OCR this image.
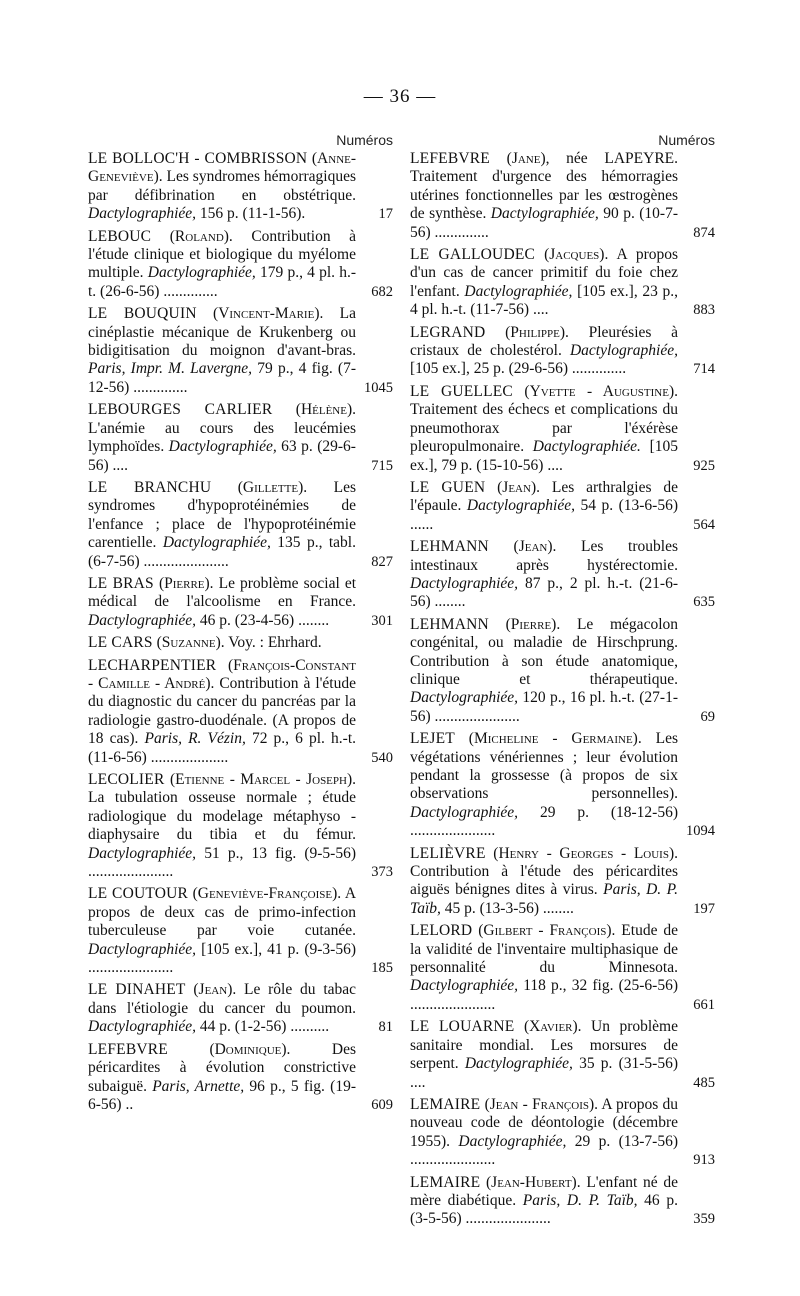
— 36 —
Numéros
LE BOLLOC'H - COMBRISSON (Anne-Geneviève). Les syndromes hémorragiques par défibrination en obstétrique. Dactylographiée, 156 p. (11-1-56).	17
LEBOUC (Roland). Contribution à l'étude clinique et biologique du myélome multiple. Dactylographiée, 179 p., 4 pl. h.-t. (26-6-56) ..............	682
LE BOUQUIN (Vincent-Marie). La cinéplastie mécanique de Krukenberg ou bidigitisation du moignon d'avant-bras. Paris, Impr. M. Lavergne, 79 p., 4 fig. (7-12-56) ..............	1045
LEBOURGES CARLIER (Hélène). L'anémie au cours des leucémies lymphoïdes. Dactylographiée, 63 p. (29-6-56) ....	715
LE BRANCHU (Gillette). Les syndromes d'hypoprotéinémies de l'enfance ; place de l'hypoprotéinémie carentielle. Dactylographiée, 135 p., tabl. (6-7-56) ......................	827
LE BRAS (Pierre). Le problème social et médical de l'alcoolisme en France. Dactylographiée, 46 p. (23-4-56) ........	301
LE CARS (Suzanne). Voy. : Ehrhard.
LECHARPENTIER (François-Constant - Camille - André). Contribution à l'étude du diagnostic du cancer du pancréas par la radiologie gastro-duodénale. (A propos de 18 cas). Paris, R. Vézin, 72 p., 6 pl. h.-t. (11-6-56) ....................	540
LECOLIER (Etienne - Marcel - Joseph). La tubulation osseuse normale ; étude radiologique du modelage métaphyso - diaphysaire du tibia et du fémur. Dactylographiée, 51 p., 13 fig. (9-5-56) ......................	373
LE COUTOUR (Geneviève-Françoise). A propos de deux cas de primo-infection tuberculeuse par voie cutanée. Dactylographiée, [105 ex.], 41 p. (9-3-56) ......................	185
LE DINAHET (Jean). Le rôle du tabac dans l'étiologie du cancer du poumon. Dactylographiée, 44 p. (1-2-56) ..........	81
LEFEBVRE	(Dominique). Des péricardites à évolution constrictive subaiguë. Paris, Arnette, 96 p., 5 fig. (19-6-56) ..	609
Numéros
LEFEBVRE (Jane), née LAPEYRE. Traitement d'urgence des hémorragies utérines fonctionnelles par les œstrogènes de synthèse. Dactylographiée, 90 p. (10-7-56) ..............	874
LE GALLOUDEC (Jacques). A propos d'un cas de cancer primitif du foie chez l'enfant. Dactylographiée, [105 ex.], 23 p., 4 pl. h.-t. (11-7-56) ....	883
LEGRAND (Philippe). Pleurésies à cristaux de cholestérol. Dactylographiée, [105 ex.], 25 p. (29-6-56) ..............	714
LE GUELLEC (Yvette - Augustine). Traitement des échecs et complications du pneumothorax par l'éxérèse pleuropulmonaire. Dactylographiée. [105 ex.], 79 p. (15-10-56) ....	925
LE GUEN (Jean). Les arthralgies de l'épaule. Dactylographiée, 54 p. (13-6-56) ......	564
LEHMANN (Jean). Les troubles intestinaux après hystérectomie. Dactylographiée, 87 p., 2 pl. h.-t. (21-6-56) ........	635
LEHMANN (Pierre). Le mégacolon congénital, ou maladie de Hirschprung. Contribution à son étude anatomique, clinique et thérapeutique. Dactylographiée, 120 p., 16 pl. h.-t. (27-1-56) ......................	69
LEJET (Micheline - Germaine). Les végétations vénériennes ; leur évolution pendant la grossesse (à propos de six observations personnelles). Dactylographiée, 29 p. (18-12-56) ......................	1094
LELIÈVRE (Henry - Georges - Louis). Contribution à l'étude des péricardites aiguës bénignes dites à virus. Paris, D. P. Taïb, 45 p. (13-3-56) ........	197
LELORD (Gilbert - François). Etude de la validité de l'inventaire multiphasique de personnalité du Minnesota. Dactylographiée, 118 p., 32 fig. (25-6-56) ......................	661
LE LOUARNE (Xavier). Un problème sanitaire mondial. Les morsures de serpent. Dactylographiée, 35 p. (31-5-56) ....	485
LEMAIRE (Jean - François). A propos du nouveau code de déontologie (décembre 1955). Dactylographiée, 29 p. (13-7-56) ......................	913
LEMAIRE (Jean-Hubert). L'enfant né de mère diabétique. Paris, D. P. Taïb, 46 p. (3-5-56) ......................	359
